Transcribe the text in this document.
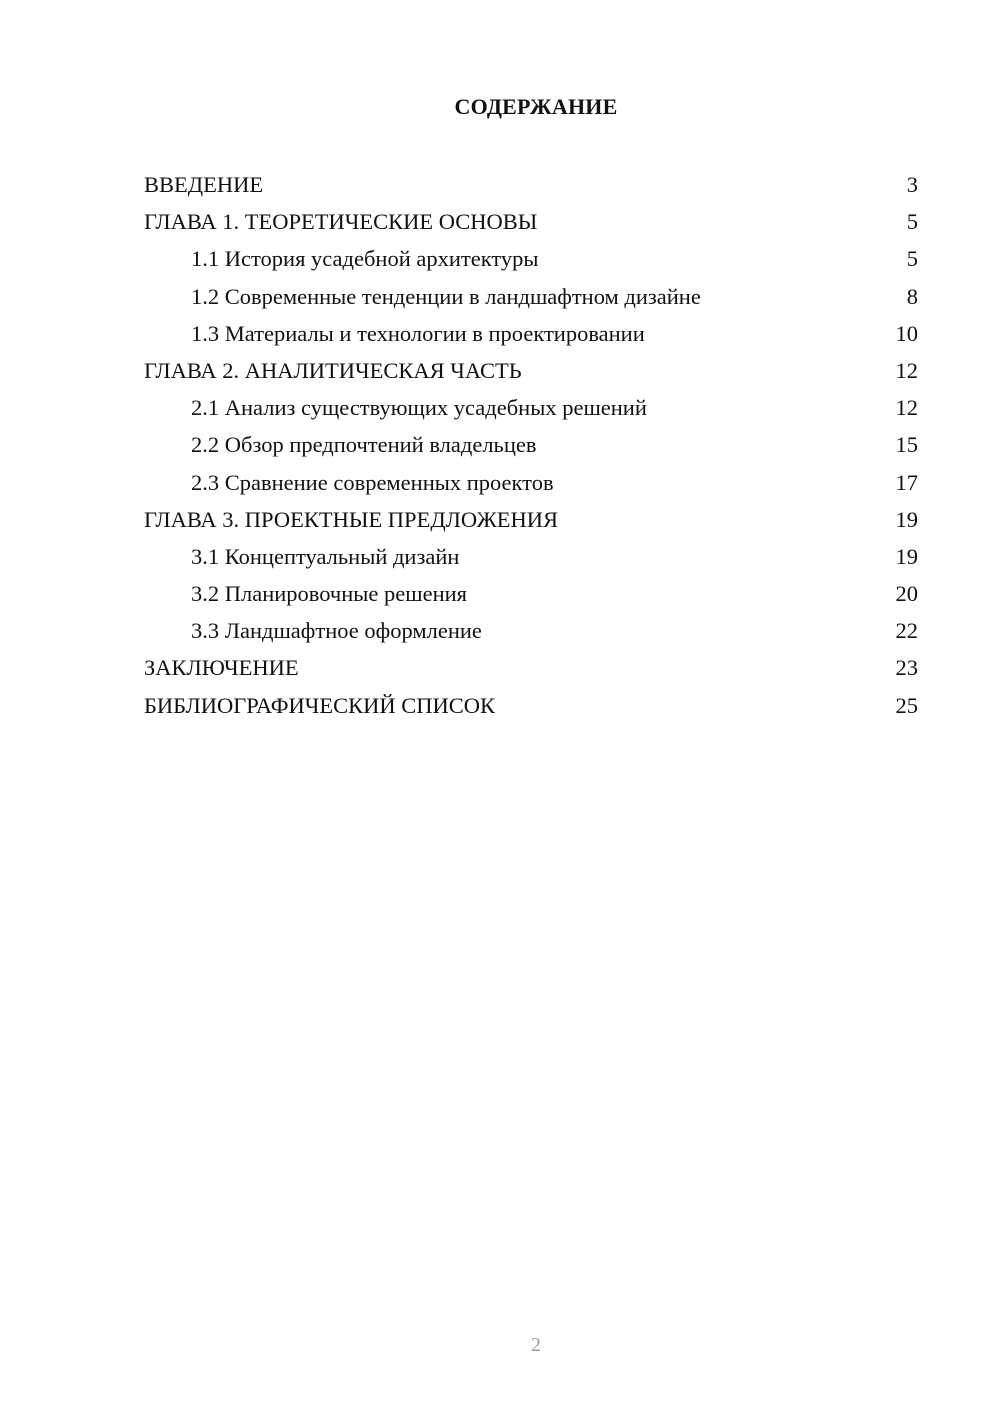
СОДЕРЖАНИЕ
ВВЕДЕНИЕ	3
ГЛАВА 1. ТЕОРЕТИЧЕСКИЕ ОСНОВЫ	5
1.1 История усадебной архитектуры	5
1.2 Современные тенденции в ландшафтном дизайне	8
1.3 Материалы и технологии в проектировании	10
ГЛАВА 2. АНАЛИТИЧЕСКАЯ ЧАСТЬ	12
2.1 Анализ существующих усадебных решений	12
2.2 Обзор предпочтений владельцев	15
2.3 Сравнение современных проектов	17
ГЛАВА 3. ПРОЕКТНЫЕ ПРЕДЛОЖЕНИЯ	19
3.1 Концептуальный дизайн	19
3.2 Планировочные решения	20
3.3 Ландшафтное оформление	22
ЗАКЛЮЧЕНИЕ	23
БИБЛИОГРАФИЧЕСКИЙ СПИСОК	25
2
